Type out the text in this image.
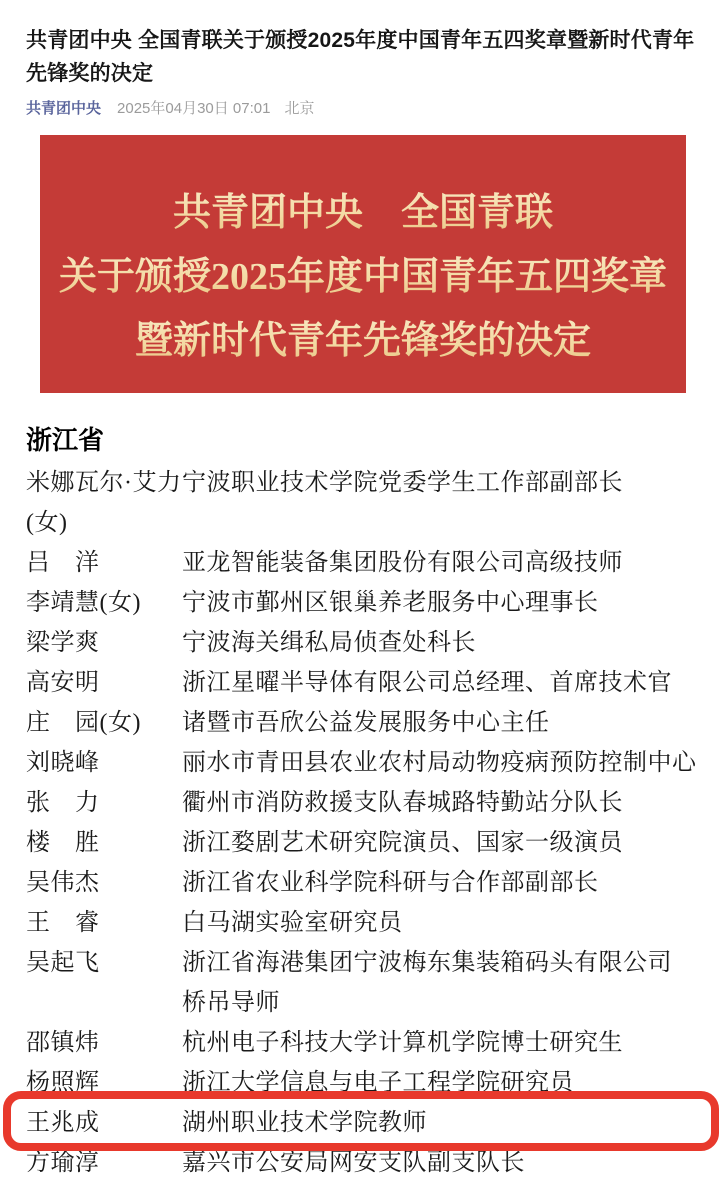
共青团中央 全国青联关于颁授2025年度中国青年五四奖章暨新时代青年先锋奖的决定
共青团中央 2025年04月30日 07:01 北京
共青团中央　全国青联
关于颁授2025年度中国青年五四奖章
暨新时代青年先锋奖的决定
浙江省
米娜瓦尔·艾力
(女)
宁波职业技术学院党委学生工作部副部长
吕　洋	亚龙智能装备集团股份有限公司高级技师
李靖慧(女)	宁波市鄞州区银巢养老服务中心理事长
梁学爽	宁波海关缉私局侦查处科长
高安明	浙江星曜半导体有限公司总经理、首席技术官
庄　园(女)	诸暨市吾欣公益发展服务中心主任
刘晓峰	丽水市青田县农业农村局动物疫病预防控制中心
张　力	衢州市消防救援支队春城路特勤站分队长
楼　胜	浙江婺剧艺术研究院演员、国家一级演员
吴伟杰	浙江省农业科学院科研与合作部副部长
王　睿	白马湖实验室研究员
吴起飞	浙江省海港集团宁波梅东集装箱码头有限公司
桥吊导师
邵镇炜	杭州电子科技大学计算机学院博士研究生
杨照辉	浙江大学信息与电子工程学院研究员
王兆成	湖州职业技术学院教师
方瑜淳	嘉兴市公安局网安支队副支队长
